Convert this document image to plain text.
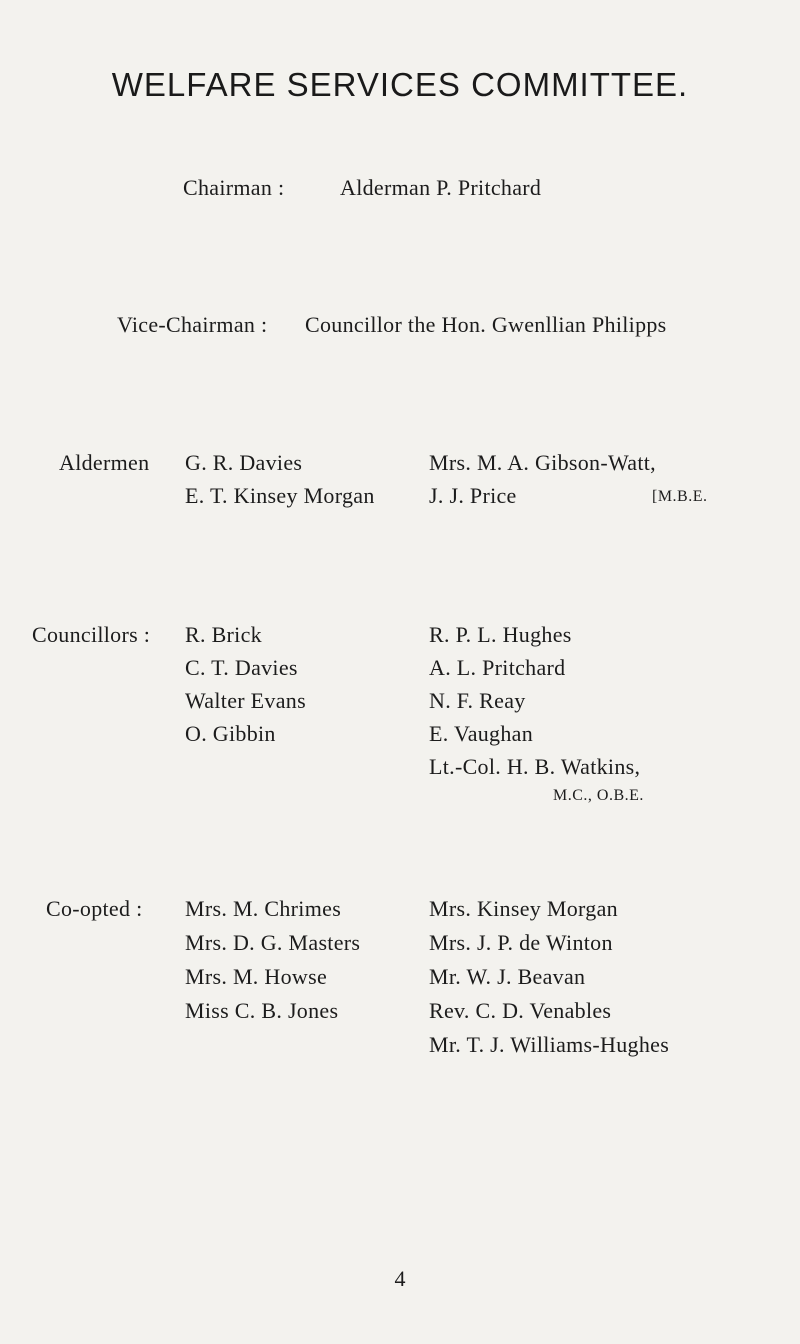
WELFARE SERVICES COMMITTEE.
Chairman :	Alderman P. Pritchard
Vice-Chairman : Councillor the Hon. Gwenllian Philipps
Aldermen G. R. Davies
E. T. Kinsey Morgan
Mrs. M. A. Gibson-Watt,
J. J. Price	[M.B.E.
Councillors : R. Brick
C. T. Davies
Walter Evans
O. Gibbin
R. P. L. Hughes
A. L. Pritchard
N. F. Reay
E. Vaughan
Lt.-Col. H. B. Watkins,
M.C., O.B.E.
Co-opted : Mrs. M. Chrimes
Mrs. D. G. Masters
Mrs. M. Howse
Miss C. B. Jones
Mrs. Kinsey Morgan
Mrs. J. P. de Winton
Mr. W. J. Beavan
Rev. C. D. Venables
Mr. T. J. Williams-Hughes
4
